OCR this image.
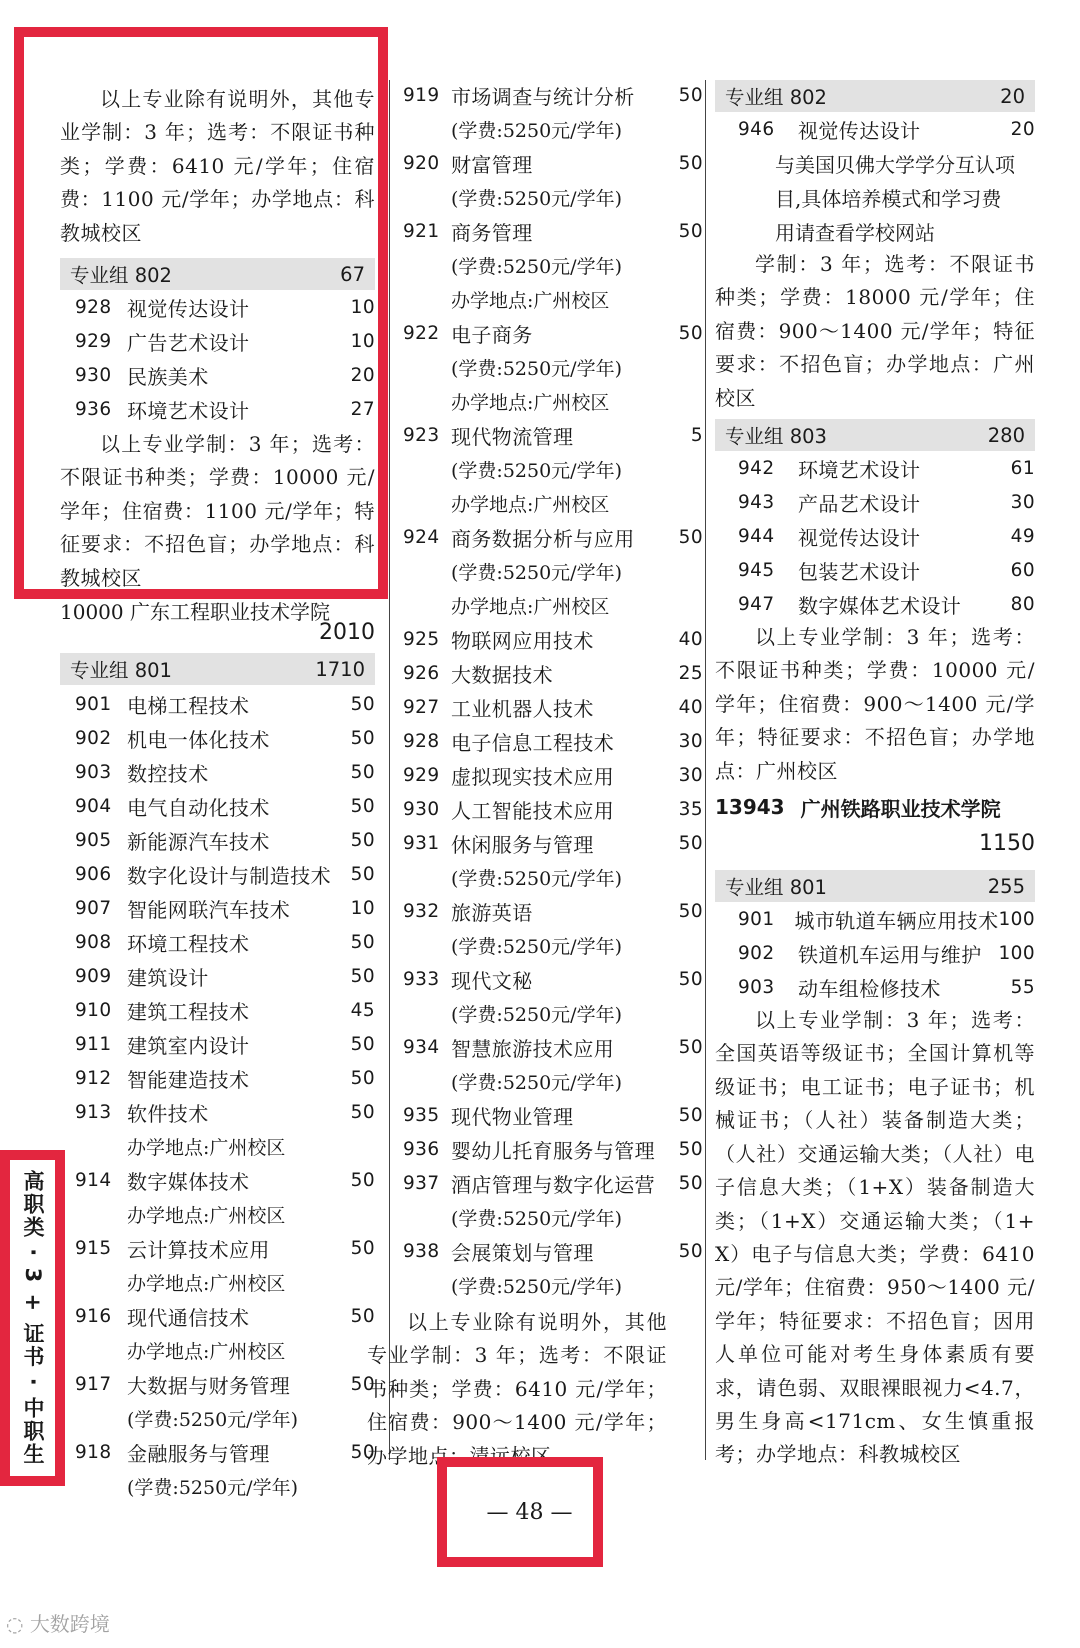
以上专业除有说明外，其他专业学制：3 年；选考：不限证书种类；学费：6410 元/学年；住宿费：1100 元/学年；办学地点：科教城校区
专业组 802	67
928 视觉传达设计	10
929 广告艺术设计	10
930 民族美术	20
936 环境艺术设计	27
以上专业学制：3 年；选考：不限证书种类；学费：10000 元/学年；住宿费：1100 元/学年；特征要求：不招色盲；办学地点：科教城校区
10000 广东工程职业技术学院
2010
专业组 801	1710
901 电梯工程技术	50
902 机电一体化技术	50
903 数控技术	50
904 电气自动化技术	50
905 新能源汽车技术	50
906 数字化设计与制造技术	50
907 智能网联汽车技术	10
908 环境工程技术	50
909 建筑设计	50
910 建筑工程技术	45
911 建筑室内设计	50
912 智能建造技术	50
913 软件技术	50
办学地点:广州校区
914 数字媒体技术	50
办学地点:广州校区
915 云计算技术应用	50
办学地点:广州校区
916 现代通信技术	50
办学地点:广州校区
917 大数据与财务管理	50
(学费:5250元/学年)
918 金融服务与管理	50
(学费:5250元/学年)
919 市场调查与统计分析	50
(学费:5250元/学年)
920 财富管理	50
(学费:5250元/学年)
921 商务管理	50
(学费:5250元/学年)
办学地点:广州校区
922 电子商务	50
(学费:5250元/学年)
办学地点:广州校区
923 现代物流管理	5
(学费:5250元/学年)
办学地点:广州校区
924 商务数据分析与应用	50
(学费:5250元/学年)
办学地点:广州校区
925 物联网应用技术	40
926 大数据技术	25
927 工业机器人技术	40
928 电子信息工程技术	30
929 虚拟现实技术应用	30
930 人工智能技术应用	35
931 休闲服务与管理	50
(学费:5250元/学年)
932 旅游英语	50
(学费:5250元/学年)
933 现代文秘	50
(学费:5250元/学年)
934 智慧旅游技术应用	50
(学费:5250元/学年)
935 现代物业管理	50
936 婴幼儿托育服务与管理	50
937 酒店管理与数字化运营	50
(学费:5250元/学年)
938 会展策划与管理	50
(学费:5250元/学年)
以上专业除有说明外，其他专业学制：3 年；选考：不限证书种类；学费：6410 元/学年；住宿费：900～1400 元/学年；办学地点：清远校区
专业组 802	20
946	视觉传达设计	20
与美国贝佛大学学分互认项
目,具体培养模式和学习费
用请查看学校网站
学制：3 年；选考：不限证书种类；学费：18000 元/学年；住宿费：900～1400 元/学年；特征要求：不招色盲；办学地点：广州校区
专业组 803	280
942	环境艺术设计	61
943	产品艺术设计	30
944	视觉传达设计	49
945	包装艺术设计	60
947	数字媒体艺术设计	80
以上专业学制：3 年；选考：不限证书种类；学费：10000 元/学年；住宿费：900～1400 元/学年；特征要求：不招色盲；办学地点：广州校区
13943 广州铁路职业技术学院
1150
专业组 801	255
901 城市轨道车辆应用技术 100
902	铁道机车运用与维护 100
903	动车组检修技术	55
以上专业学制：3 年；选考：全国英语等级证书；全国计算机等级证书；电工证书；电子证书；机械证书；（人社）装备制造大类；（人社）交通运输大类；（人社）电子信息大类；（1+X）装备制造大类；（1+X）交通运输大类；（1+X）电子与信息大类；学费：6410 元/学年；住宿费：950～1400 元/学年；特征要求：不招色盲；因用人单位可能对考生身体素质有要求，请色弱、双眼裸眼视力<4.7，男生身高<171cm、女生慎重报考；办学地点：科教城校区
高职类 · 3 + 证书 · 中职生
— 48 —
◌ 大数跨境
